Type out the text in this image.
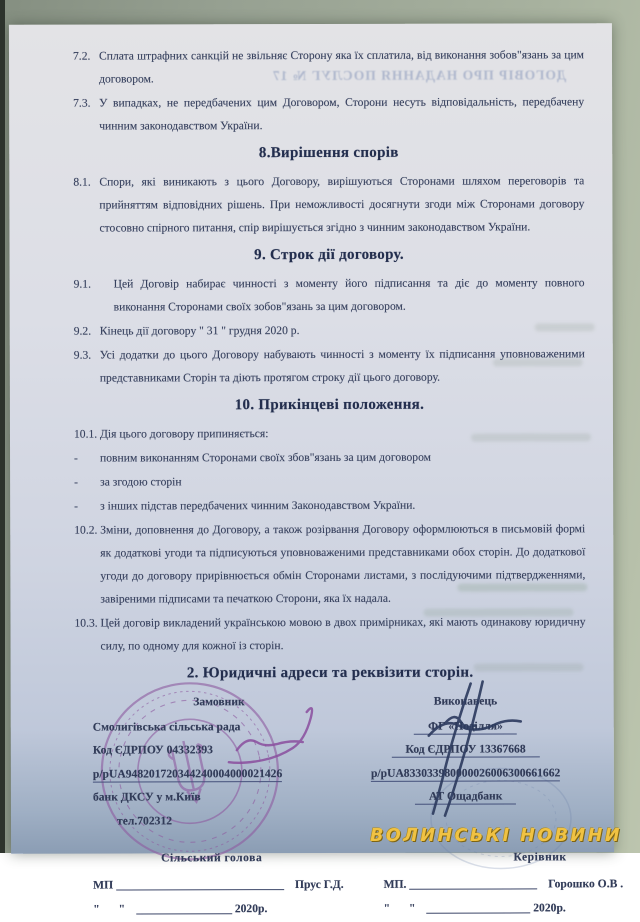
ДОГОВІР ПРО НАДАННЯ ПОСЛУГ № 17

7.2. Сплата штрафних санкцій не звільняє Сторону яка їх сплатила, від виконання зобов"язань за цим договором.

7.3. У випадках, не передбачених цим Договором, Сторони несуть відповідальність, передбачену чинним законодавством України.

8.Вирішення спорів

8.1. Спори, які виникають з цього Договору, вирішуються Сторонами шляхом переговорів та прийняттям відповідних рішень. При неможливості досягнути згоди між Сторонами договору стосовно спірного питання, спір вирішується згідно з чинним законодавством України.

9. Строк дії договору.

9.1. Цей Договір набирає чинності з моменту його підписання та діє до моменту повного виконання Сторонами своїх зобов"язань за цим договором.

9.2. Кінець дії договору " 31 " грудня 2020 р.

9.3. Усі додатки до цього Договору набувають чинності з моменту їх підписання уповноваженими представниками Сторін та діють протягом строку дії цього договору.

10. Прикінцеві положення.

10.1. Дія цього договору припиняється:

- повним виконанням Сторонами своїх збов"язань за цим договором

- за згодою сторін

- з інших підстав передбачених чинним Законодавством України.

10.2. Зміни, доповнення до Договору, а також розірвання Договору оформлюються в письмовій формі як додаткові угоди та підписуються уповноваженими представниками обох сторін. До додаткової угоди до договору прирівнюється обмін Сторонами листами, з послідуючими підтвердженнями, завіреними підписами та печаткою Сторони, яка їх надала.

10.3. Цей договір викладений українською мовою в двох примірниках, які мають одинакову юридичну силу, по одному для кожної із сторін.

2. Юридичні адреси та реквізити сторін.
Замовник
Смолигівська сільська рада
Код ЄДРПОУ 04332393
р/рUA948201720344240004000021426
банк ДКСУ у м.Київ
тел.702312
Виконавець
ФГ «Поділля»
Код ЄДРПОУ 13367668
р/рUA833033980000026006300661662
АТ Ощадбанк
Сільський голова
МП	Прус Г.Д.
" "	2020р.
Керівник
МП.	Горошко О.В .
" "	2020р.
ВОЛИНСЬКІ НОВИНИ
